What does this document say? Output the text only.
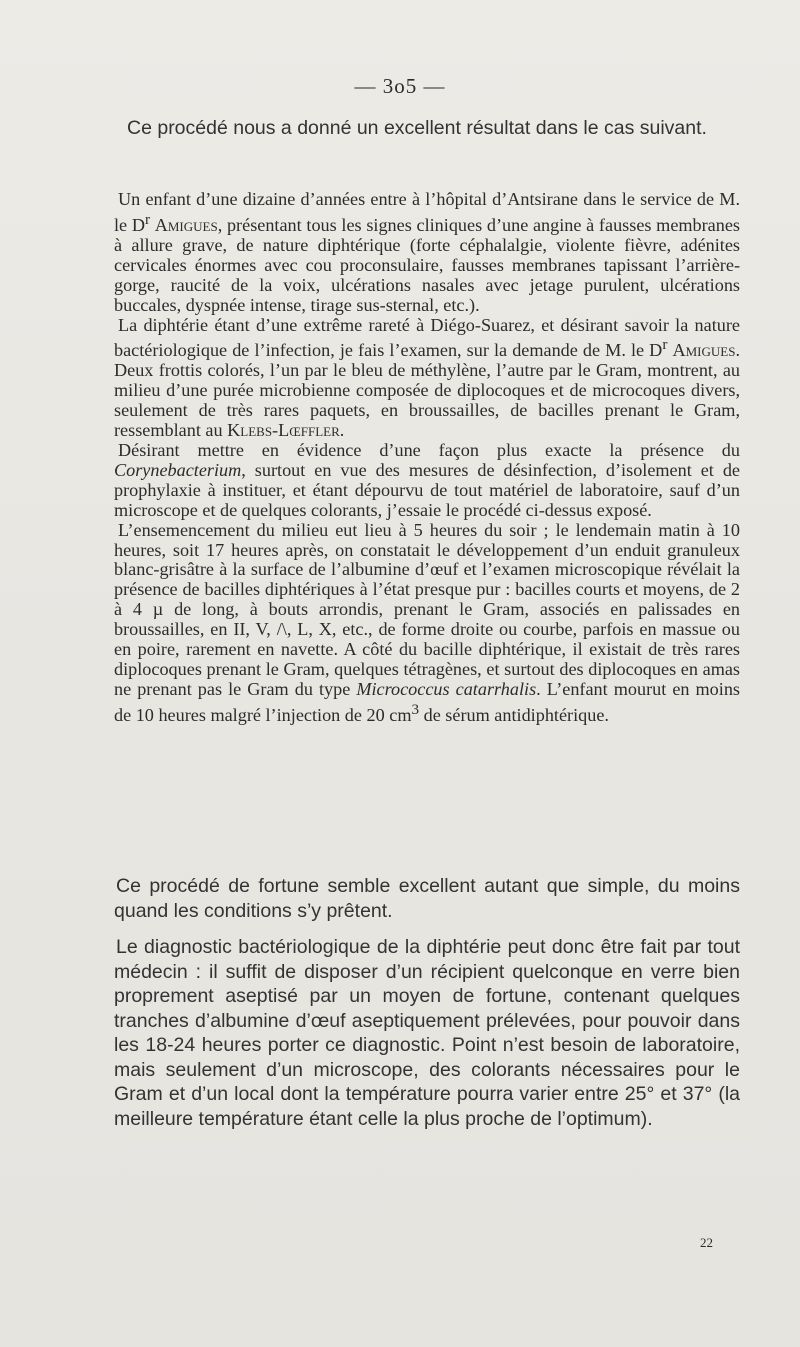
— 3o5 —

Ce procédé nous a donné un excellent résultat dans le cas suivant.

Un enfant d’une dizaine d’années entre à l’hôpital d’Antsirane dans le service de M. le $D^r$ Amigues, présentant tous les signes cliniques d’une angine à fausses membranes à allure grave, de nature diphtérique (forte céphalalgie, violente fièvre, adénites cervicales énormes avec cou proconsulaire, fausses membranes tapissant l’arrière-gorge, raucité de la voix, ulcérations nasales avec jetage purulent, ulcérations buccales, dyspnée intense, tirage sus-sternal, etc.).

La diphtérie étant d’une extrême rareté à Diégo-Suarez, et désirant savoir la nature bactériologique de l’infection, je fais l’examen, sur la demande de M. le $D^r$ Amigues. Deux frottis colorés, l’un par le bleu de méthylène, l’autre par le Gram, montrent, au milieu d’une purée microbienne composée de diplocoques et de microcoques divers, seulement de très rares paquets, en broussailles, de bacilles prenant le Gram, ressemblant au Klebs-Lœffler.

Désirant mettre en évidence d’une façon plus exacte la présence du Corynebacterium, surtout en vue des mesures de désinfection, d’isolement et de prophylaxie à instituer, et étant dépourvu de tout matériel de laboratoire, sauf d’un microscope et de quelques colorants, j’essaie le procédé ci-dessus exposé.

L’ensemencement du milieu eut lieu à 5 heures du soir ; le lendemain matin à 10 heures, soit 17 heures après, on constatait le développement d’un enduit granuleux blanc-grisâtre à la surface de l’albumine d’œuf et l’examen microscopique révélait la présence de bacilles diphtériques à l’état presque pur : bacilles courts et moyens, de 2 à 4 µ de long, à bouts arrondis, prenant le Gram, associés en palissades en broussailles, en II, V, /\, L, X, etc., de forme droite ou courbe, parfois en massue ou en poire, rarement en navette. A côté du bacille diphtérique, il existait de très rares diplocoques prenant le Gram, quelques tétragènes, et surtout des diplocoques en amas ne prenant pas le Gram du type Micrococcus catarrhalis. L’enfant mourut en moins de 10 heures malgré l’injection de 20 $cm^3$ de sérum antidiphtérique.

Ce procédé de fortune semble excellent autant que simple, du moins quand les conditions s’y prêtent.

Le diagnostic bactériologique de la diphtérie peut donc être fait par tout médecin : il suffit de disposer d’un récipient quelconque en verre bien proprement aseptisé par un moyen de fortune, contenant quelques tranches d’albumine d’œuf aseptiquement prélevées, pour pouvoir dans les 18-24 heures porter ce diagnostic. Point n’est besoin de laboratoire, mais seulement d’un microscope, des colorants nécessaires pour le Gram et d’un local dont la température pourra varier entre 25° et 37° (la meilleure température étant celle la plus proche de l’optimum).

22
